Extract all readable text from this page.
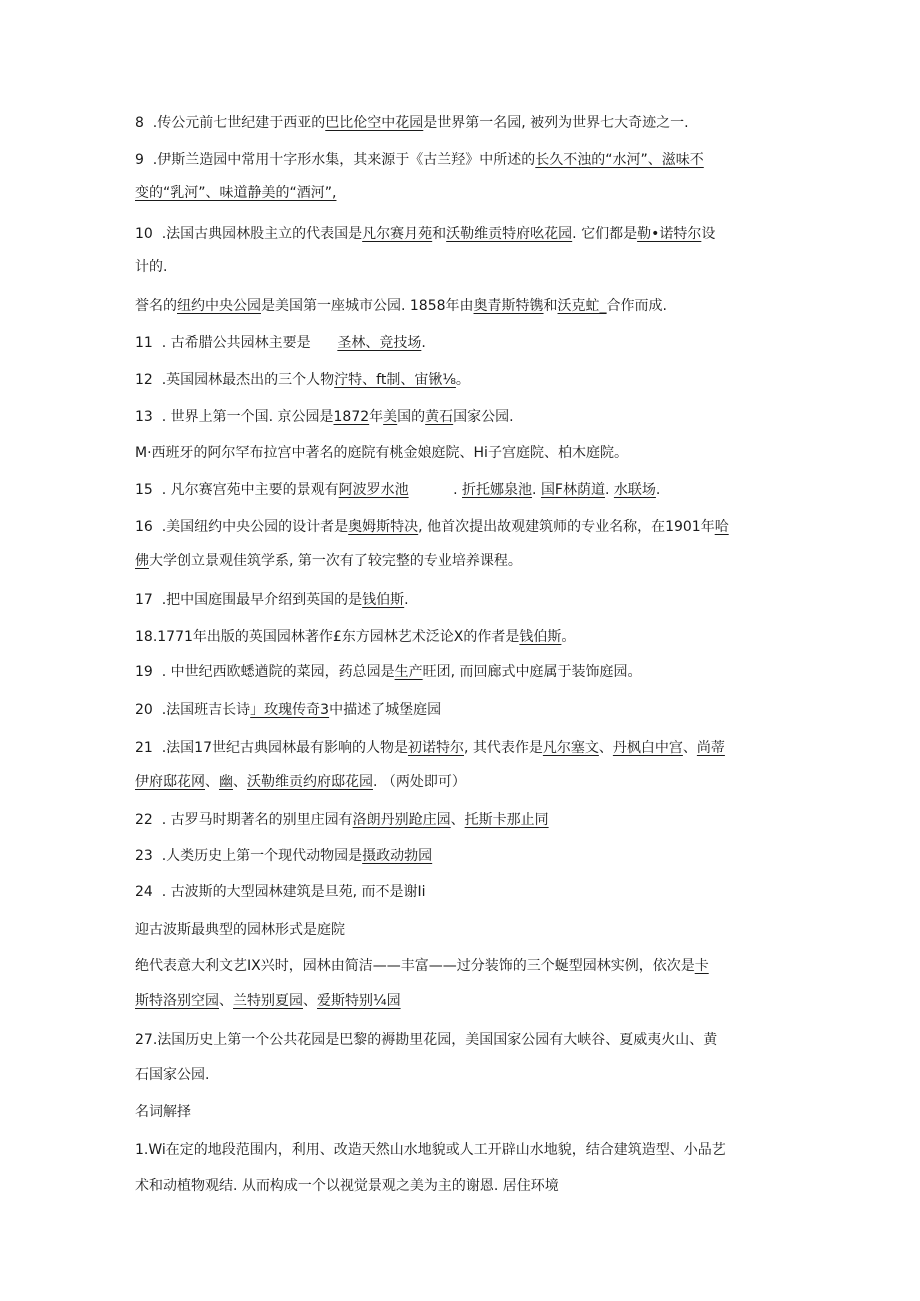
8  .传公元前七世纪建于西亚的巴比伦空中花园是世界第一名园, 被列为世界七大奇迹之一.
9  .伊斯兰造园中常用十字形水集，其来源于《古兰羟》中所述的长久不浊的“水河”、滋味不
变的“乳河”、味道静美的“酒河”,
10  .法国古典园林股主立的代表国是凡尔赛月苑和沃勒维贡特府吆花园. 它们都是勒•诺特尔设
计的.
誉名的纽约中央公园是美国第一座城市公园. 1858年由奥青斯特镌和沃克虻_合作而成.
11  . 古希腊公共园林主要是      圣林、竞技场.
12  .英国园林最杰出的三个人物泞特、ft制、宙锹⅛。
13  . 世界上第一个国. 京公园是1872年美国的黄石国家公园.
M·西班牙的阿尔罕布拉宫中著名的庭院有桃金娘庭院、Hi子宫庭院、柏木庭院。
15  . 凡尔赛宫苑中主要的景观有阿波罗水池          . 折托娜泉池. 国F林荫道. 水联场.
16  .美国纽约中央公园的设计者是奥姆斯特决, 他首次提出故观建筑师的专业名称，在1901年哈
佛大学创立景观佳筑学系, 第一次有了较完整的专业培养课程。
17  .把中国庭围最早介绍到英国的是钱伯斯.
18.1771年出版的英国园林著作£东方园林艺术泛论X的作者是钱伯斯。
19  . 中世纪西欧蟋遒院的菜园，药总园是生产旺团, 而回廊式中庭属于装饰庭园。
20  .法国班吉长诗」玫瑰传奇3中描述了城堡庭园
21  .法国17世纪古典园林最有影响的人物是初诺特尔, 其代表作是凡尔塞文、丹枫白中宫、尚蒂
伊府邸花网、幽、沃勒维贡约府邸花园. （两处即可）
22  . 古罗马时期著名的别里庄园有洛朗丹别跄庄园、托斯卡那止同
23  .人类历史上第一个现代动物园是摄政动勃园
24  . 古波斯的大型园林建筑是旦苑, 而不是谢Ii
迎古波斯最典型的园林形式是庭院
绝代表意大利文艺IX兴时，园林由简洁——丰富——过分装饰的三个蜒型园林实例，依次是卡
斯特洛别空园、兰特别夏园、爱斯特别¼园
27.法国历史上第一个公共花园是巴黎的褥勘里花园，美国国家公园有大峡谷、夏威夷火山、黄
石国家公园.
名词解择
1.Wi在定的地段范围内，利用、改造天然山水地貌或人工开辟山水地貌，结合建筑造型、小品艺
术和动植物观结. 从而构成一个以视觉景观之美为主的谢恩. 居住环境
